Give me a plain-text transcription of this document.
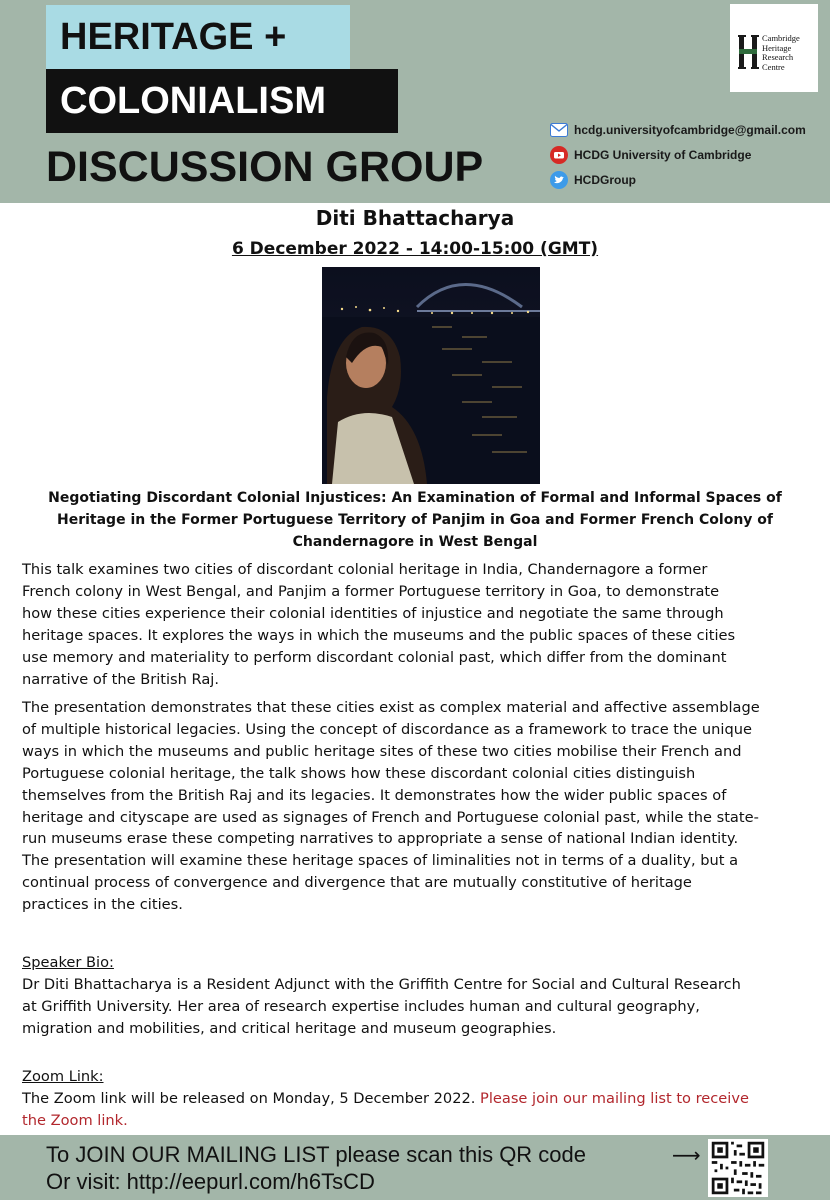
HERITAGE +
COLONIALISM
DISCUSSION GROUP
Cambridge
Heritage
Research
Centre
hcdg.universityofcambridge@gmail.com
HCDG University of Cambridge
HCDGroup
Diti Bhattacharya
6 December 2022 - 14:00-15:00 (GMT)
Negotiating Discordant Colonial Injustices: An Examination of Formal and Informal Spaces of Heritage in the Former Portuguese Territory of Panjim in Goa and Former French Colony of Chandernagore in West Bengal
This talk examines two cities of discordant colonial heritage in India, Chandernagore a former
French colony in West Bengal, and Panjim a former Portuguese territory in Goa, to demonstrate
how these cities experience their colonial identities of injustice and negotiate the same through
heritage spaces. It explores the ways in which the museums and the public spaces of these cities
use memory and materiality to perform discordant colonial past, which differ from the dominant
narrative of the British Raj.
The presentation demonstrates that these cities exist as complex material and affective assemblage
of multiple historical legacies. Using the concept of discordance as a framework to trace the unique
ways in which the museums and public heritage sites of these two cities mobilise their French and
Portuguese colonial heritage, the talk shows how these discordant colonial cities distinguish
themselves from the British Raj and its legacies. It demonstrates how the wider public spaces of
heritage and cityscape are used as signages of French and Portuguese colonial past, while the state-
run museums erase these competing narratives to appropriate a sense of national Indian identity.
The presentation will examine these heritage spaces of liminalities not in terms of a duality, but a
continual process of convergence and divergence that are mutually constitutive of heritage
practices in the cities.
Speaker Bio:
Dr Diti Bhattacharya is a Resident Adjunct with the Griffith Centre for Social and Cultural Research
at Griffith University. Her area of research expertise includes human and cultural geography,
migration and mobilities, and critical heritage and museum geographies.
Zoom Link:
The Zoom link will be released on Monday, 5 December 2022. Please join our mailing list to receive
the Zoom link.
To JOIN OUR MAILING LIST please scan this QR code
Or visit: http://eepurl.com/h6TsCD
⟶
